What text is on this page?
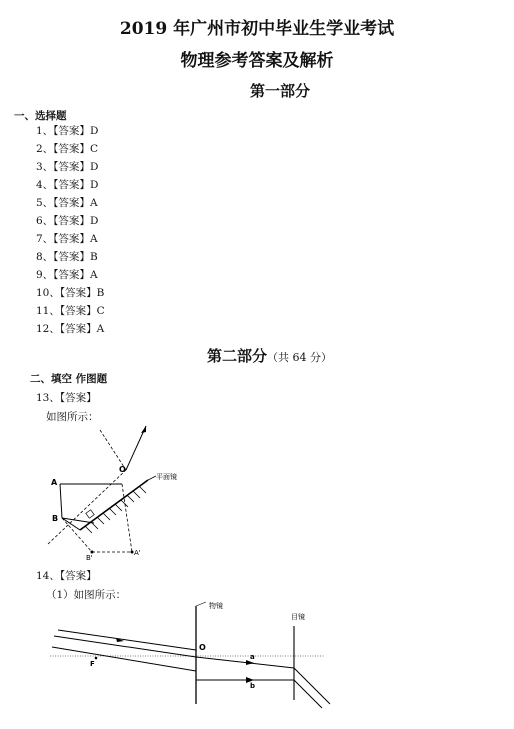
2019 年广州市初中毕业生学业考试
物理参考答案及解析
第一部分
一、选择题
1、【答案】D
2、【答案】C
3、【答案】D
4、【答案】D
5、【答案】A
6、【答案】D
7、【答案】A
8、【答案】B
9、【答案】A
10、【答案】B
11、【答案】C
12、【答案】A
第二部分（共 64 分）
二、填空 作图题
13、【答案】
如图所示：
平面镜
A
B
O
B'
A'
14、【答案】
（1）如图所示：
物镜
目镜
O
F
a
b
